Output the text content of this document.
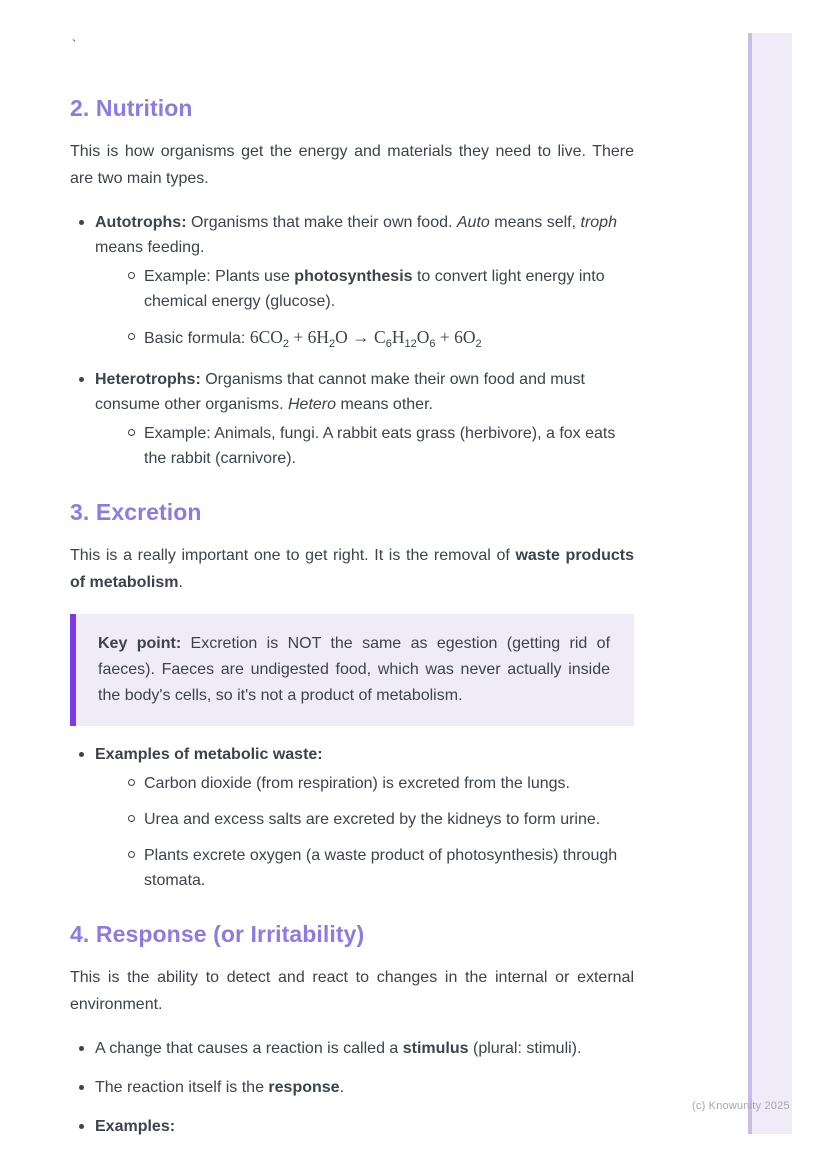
(c) Knowunity 2025
`
2. Nutrition

This is how organisms get the energy and materials they need to live. There are two main types.

Autotrophs: Organisms that make their own food. Auto means self, troph means feeding.
Example: Plants use photosynthesis to convert light energy into chemical energy (glucose).
Basic formula: $6CO_2 + 6H_2O \to C_6H_{12}O_6 + 6O_2$
Heterotrophs: Organisms that cannot make their own food and must consume other organisms. Hetero means other.
Example: Animals, fungi. A rabbit eats grass (herbivore), a fox eats the rabbit (carnivore).
3. Excretion

This is a really important one to get right. It is the removal of waste products of metabolism.

Key point: Excretion is NOT the same as egestion (getting rid of faeces). Faeces are undigested food, which was never actually inside the body's cells, so it's not a product of metabolism.

Examples of metabolic waste:
Carbon dioxide (from respiration) is excreted from the lungs.
Urea and excess salts are excreted by the kidneys to form urine.
Plants excrete oxygen (a waste product of photosynthesis) through stomata.
4. Response (or Irritability)

This is the ability to detect and react to changes in the internal or external environment.

A change that causes a reaction is called a stimulus (plural: stimuli).
The reaction itself is the response.
Examples:
